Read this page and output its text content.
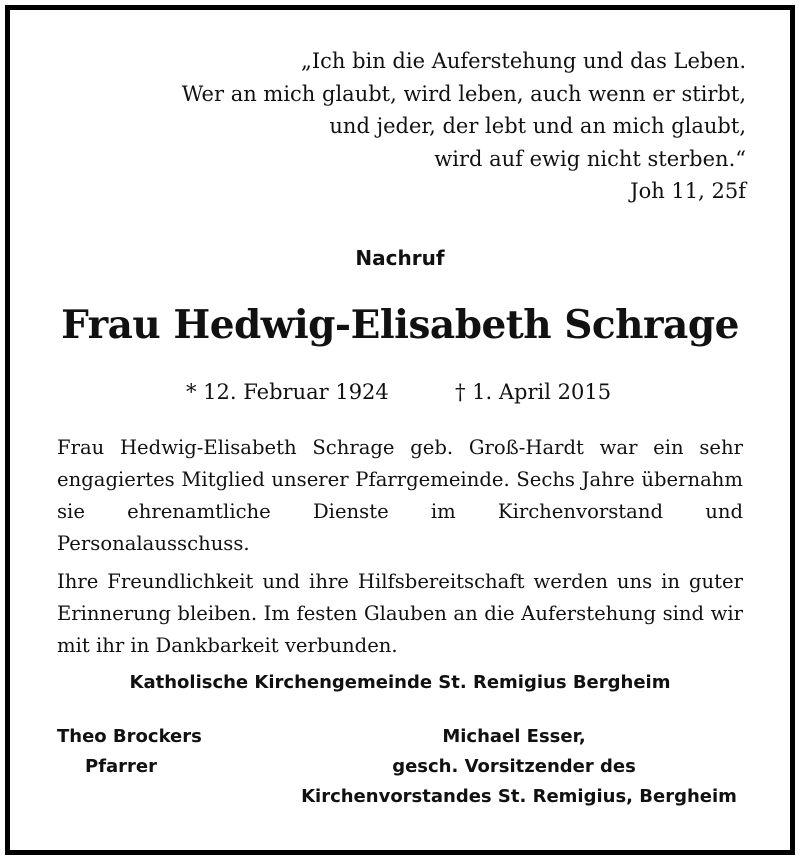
„Ich bin die Auferstehung und das Leben.
Wer an mich glaubt, wird leben, auch wenn er stirbt,
und jeder, der lebt und an mich glaubt,
wird auf ewig nicht sterben.“
Joh 11, 25f
Nachruf
Frau Hedwig-Elisabeth Schrage
* 12. Februar 1924	† 1. April 2015

Frau Hedwig-Elisabeth Schrage geb. Groß-Hardt war ein sehr engagiertes Mitglied unserer Pfarrgemeinde. Sechs Jahre übernahm sie ehrenamtliche Dienste im Kirchenvorstand und Personalausschuss.

Ihre Freundlichkeit und ihre Hilfsbereitschaft werden uns in guter Erinnerung bleiben. Im festen Glauben an die Auferstehung sind wir mit ihr in Dankbarkeit verbunden.

Katholische Kirchengemeinde St. Remigius Bergheim
Theo Brockers
Pfarrer
Michael Esser,
gesch. Vorsitzender des
Kirchenvorstandes St. Remigius, Bergheim
